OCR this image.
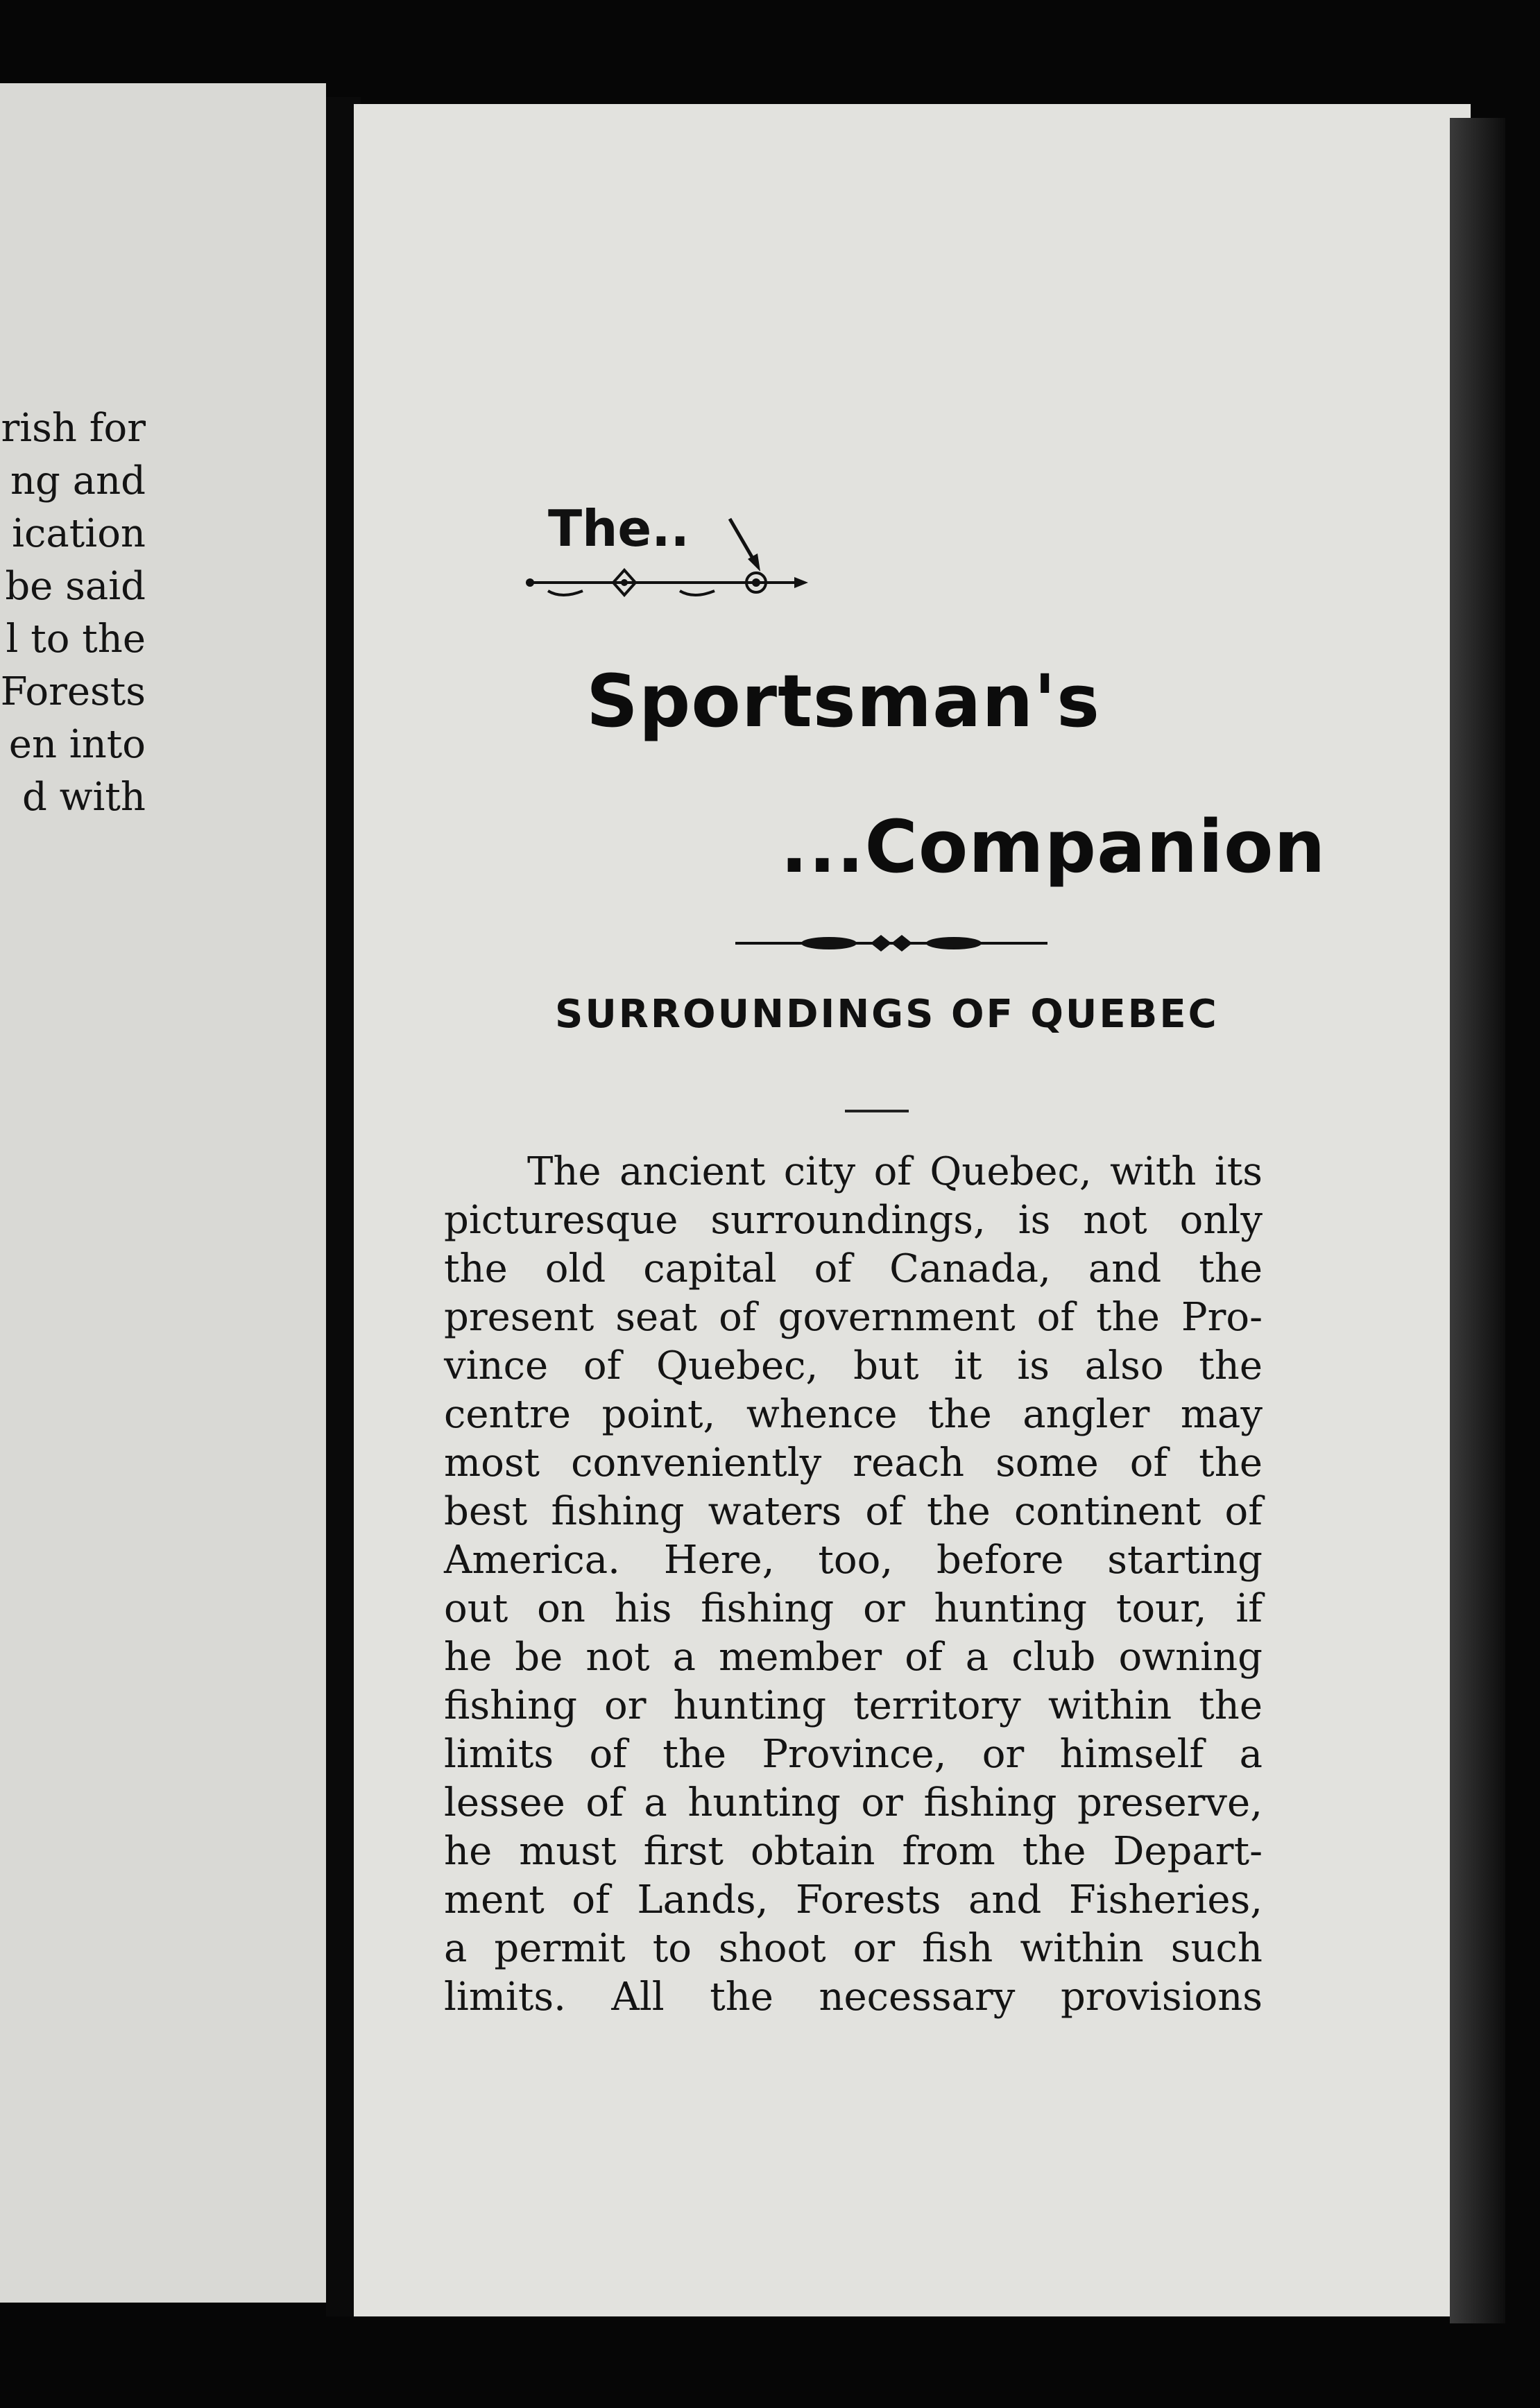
rish for
ng and
ication
be said
l to the
Forests
en into
d with
The..
Sportsman's
...Companion
SURROUNDINGS OF QUEBEC
The ancient city of Quebec, with its
picturesque surroundings, is not only
the old capital of Canada, and the
present seat of government of the Pro-
vince of Quebec, but it is also the
centre point, whence the angler may
most conveniently reach some of the
best fishing waters of the continent of
America. Here, too, before starting
out on his fishing or hunting tour, if
he be not a member of a club owning
fishing or hunting territory within the
limits of the Province, or himself a
lessee of a hunting or fishing preserve,
he must first obtain from the Depart-
ment of Lands, Forests and Fisheries,
a permit to shoot or fish within such
limits. All the necessary provisions
